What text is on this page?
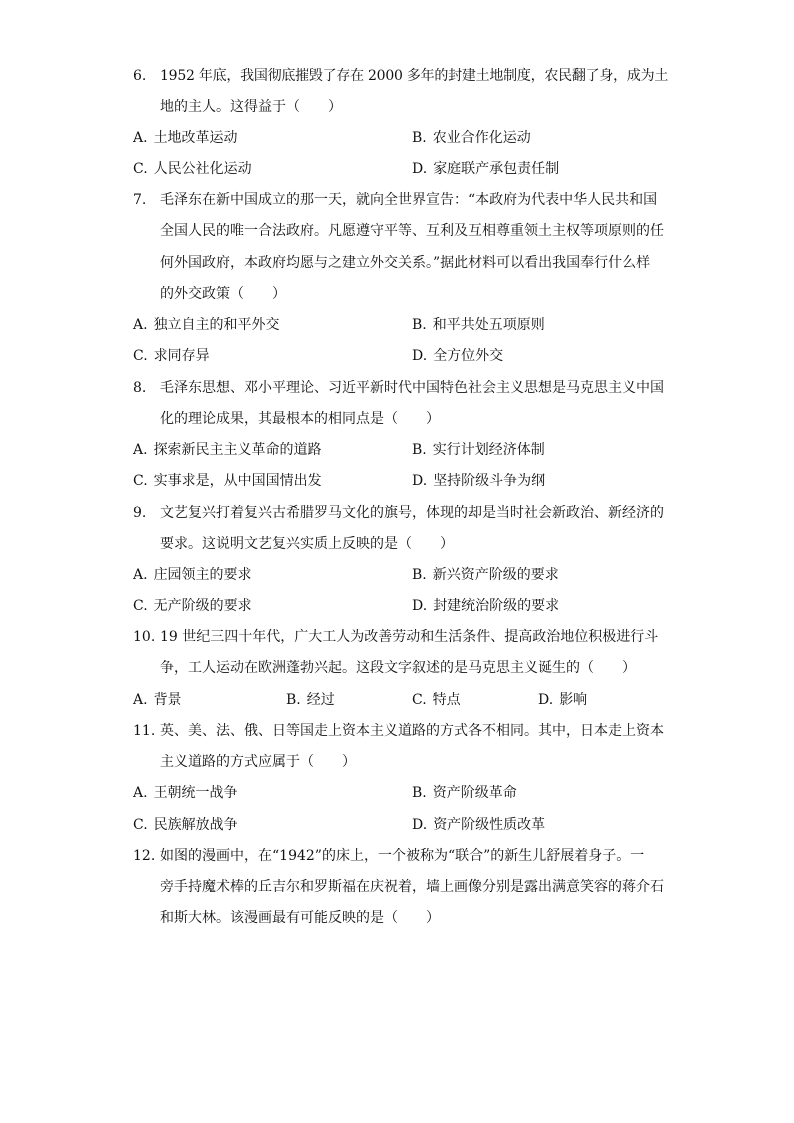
6. 1952 年底，我国彻底摧毁了存在 2000 多年的封建土地制度，农民翻了身，成为土
地的主人。这得益于（　　）
A. 土地改革运动	B. 农业合作化运动
C. 人民公社化运动	D. 家庭联产承包责任制
7. 毛泽东在新中国成立的那一天，就向全世界宣告：“本政府为代表中华人民共和国
全国人民的唯一合法政府。凡愿遵守平等、互利及互相尊重领土主权等项原则的任
何外国政府，本政府均愿与之建立外交关系。”据此材料可以看出我国奉行什么样
的外交政策（　　）
A. 独立自主的和平外交	B. 和平共处五项原则
C. 求同存异	D. 全方位外交
8. 毛泽东思想、邓小平理论、习近平新时代中国特色社会主义思想是马克思主义中国
化的理论成果，其最根本的相同点是（　　）
A. 探索新民主主义革命的道路	B. 实行计划经济体制
C. 实事求是，从中国国情出发	D. 坚持阶级斗争为纲
9. 文艺复兴打着复兴古希腊罗马文化的旗号，体现的却是当时社会新政治、新经济的
要求。这说明文艺复兴实质上反映的是（　　）
A. 庄园领主的要求	B. 新兴资产阶级的要求
C. 无产阶级的要求	D. 封建统治阶级的要求
10. 19 世纪三四十年代，广大工人为改善劳动和生活条件、提高政治地位积极进行斗
争，工人运动在欧洲蓬勃兴起。这段文字叙述的是马克思主义诞生的（　　）
A. 背景	B. 经过	C. 特点	D. 影响
11. 英、美、法、俄、日等国走上资本主义道路的方式各不相同。其中，日本走上资本
主义道路的方式应属于（　　）
A. 王朝统一战争	B. 资产阶级革命
C. 民族解放战争	D. 资产阶级性质改革
12. 如图的漫画中，在“1942”的床上，一个被称为“联合”的新生儿舒展着身子。一
旁手持魔术棒的丘吉尔和罗斯福在庆祝着，墙上画像分别是露出满意笑容的蒋介石
和斯大林。该漫画最有可能反映的是（　　）
